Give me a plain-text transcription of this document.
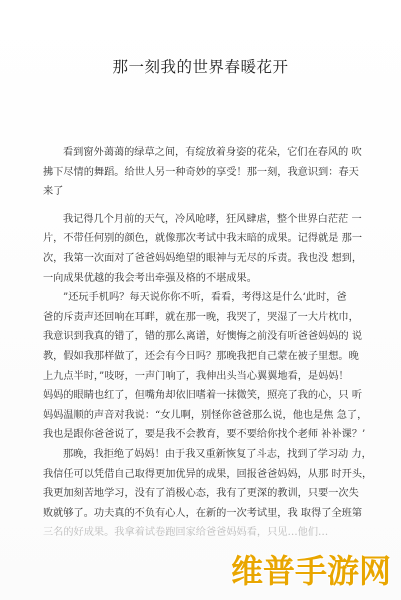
那一刻我的世界春暖花开

看到窗外蔼蔼的绿草之间，有绽放着身姿的花朵，它们在春风的 吹

拂下尽情的舞蹈。给世人另一种奇妙的享受！那一刻，我意识到：春天

来了

我记得几个月前的天气，冷风呛哮，狂风肆虐，整个世界白茫茫 一

片，不带任何别的颜色，就像那次考试中我末暗的成果。记得就是 那一

次，我第一次面对了爸爸妈妈绝望的眼神与无尽的斥责。我也没 想到，

一向成果优越的我会考出牵强及格的不堪成果。

”还玩手机吗？每天说你你不听，看看，考得这是什么‘此时，爸

爸的斥责声还回响在耳畔，就在那一晚，我哭了，哭湿了一大片枕巾，

我意识到我真的错了，错的那么离谱，好懊悔之前没有听爸爸妈妈的 说

教，假如我那样做了，还会有今日吗？那晚我把自己蒙在被子里想。晚

上九点半时，”吱呀，一声门响了，我伸出头当心翼翼地看，是妈妈！

妈妈的眼睛也红了，但嘴角却依旧嗜着一抹微笑，照亮了我的心，只 听

妈妈温顺的声音对我说：“女儿啊，别怪你爸爸那么说，他也是焦 急了，

我也是跟你爸爸说了，要是我不会教育，要不要给你找个老师 补补课？’

那晚，我拒绝了妈妈！由于我又重新恢复了斗志，找到了学习动 力，

我信任可以凭借自己取得更加优异的成果，回报爸爸妈妈，从那 时开头，

我更加刻苦地学习，没有了消极心态，我有了更深的教训，只要一次失

败就够了。功夫真的不负有心人，在新的一次考试里，我 取得了全班第

三名的好成果。我拿着试卷跑回家给爸爸妈妈看，只见…他们…

维普手游网
